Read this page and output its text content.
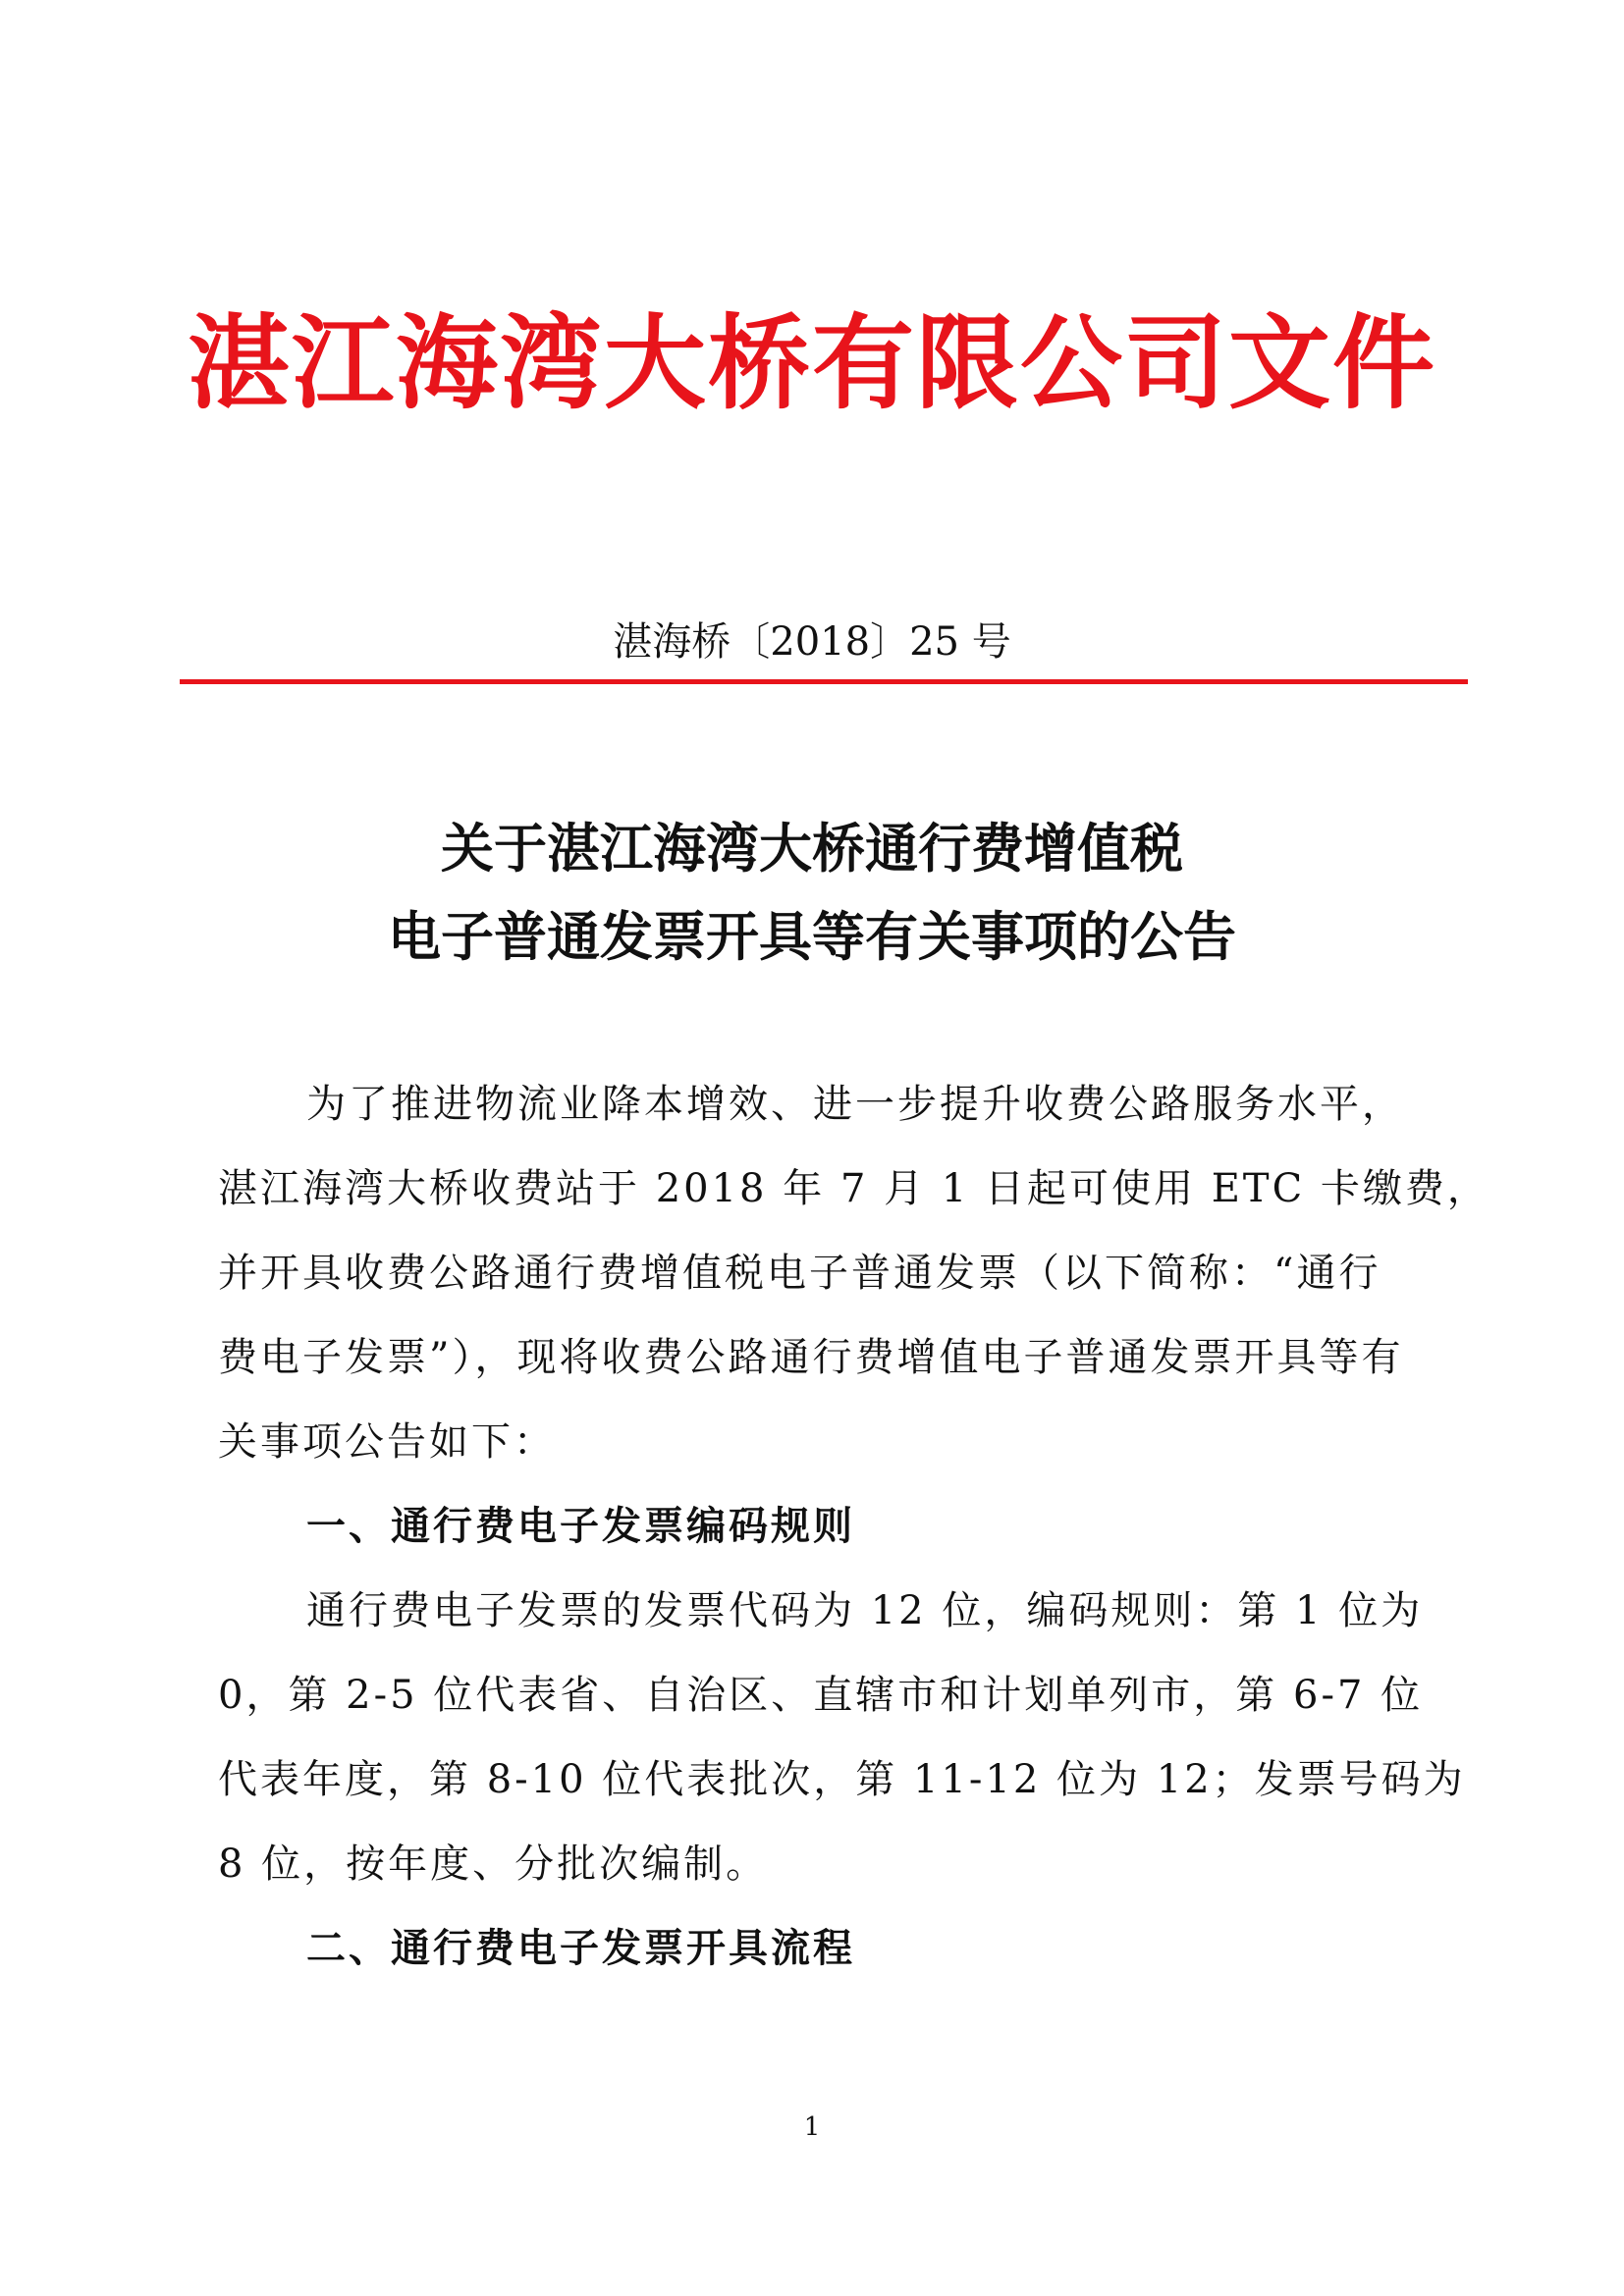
湛江海湾大桥有限公司文件
湛海桥〔2018〕25 号
关于湛江海湾大桥通行费增值税
电子普通发票开具等有关事项的公告
为了推进物流业降本增效、进一步提升收费公路服务水平，
湛江海湾大桥收费站于 2018 年 7 月 1 日起可使用 ETC 卡缴费，
并开具收费公路通行费增值税电子普通发票（以下简称：“通行
费电子发票”），现将收费公路通行费增值电子普通发票开具等有
关事项公告如下：
一、通行费电子发票编码规则
通行费电子发票的发票代码为 12 位，编码规则：第 1 位为
0，第 2-5 位代表省、自治区、直辖市和计划单列市，第 6-7 位
代表年度，第 8-10 位代表批次，第 11-12 位为 12；发票号码为
8 位，按年度、分批次编制。
二、通行费电子发票开具流程
1
